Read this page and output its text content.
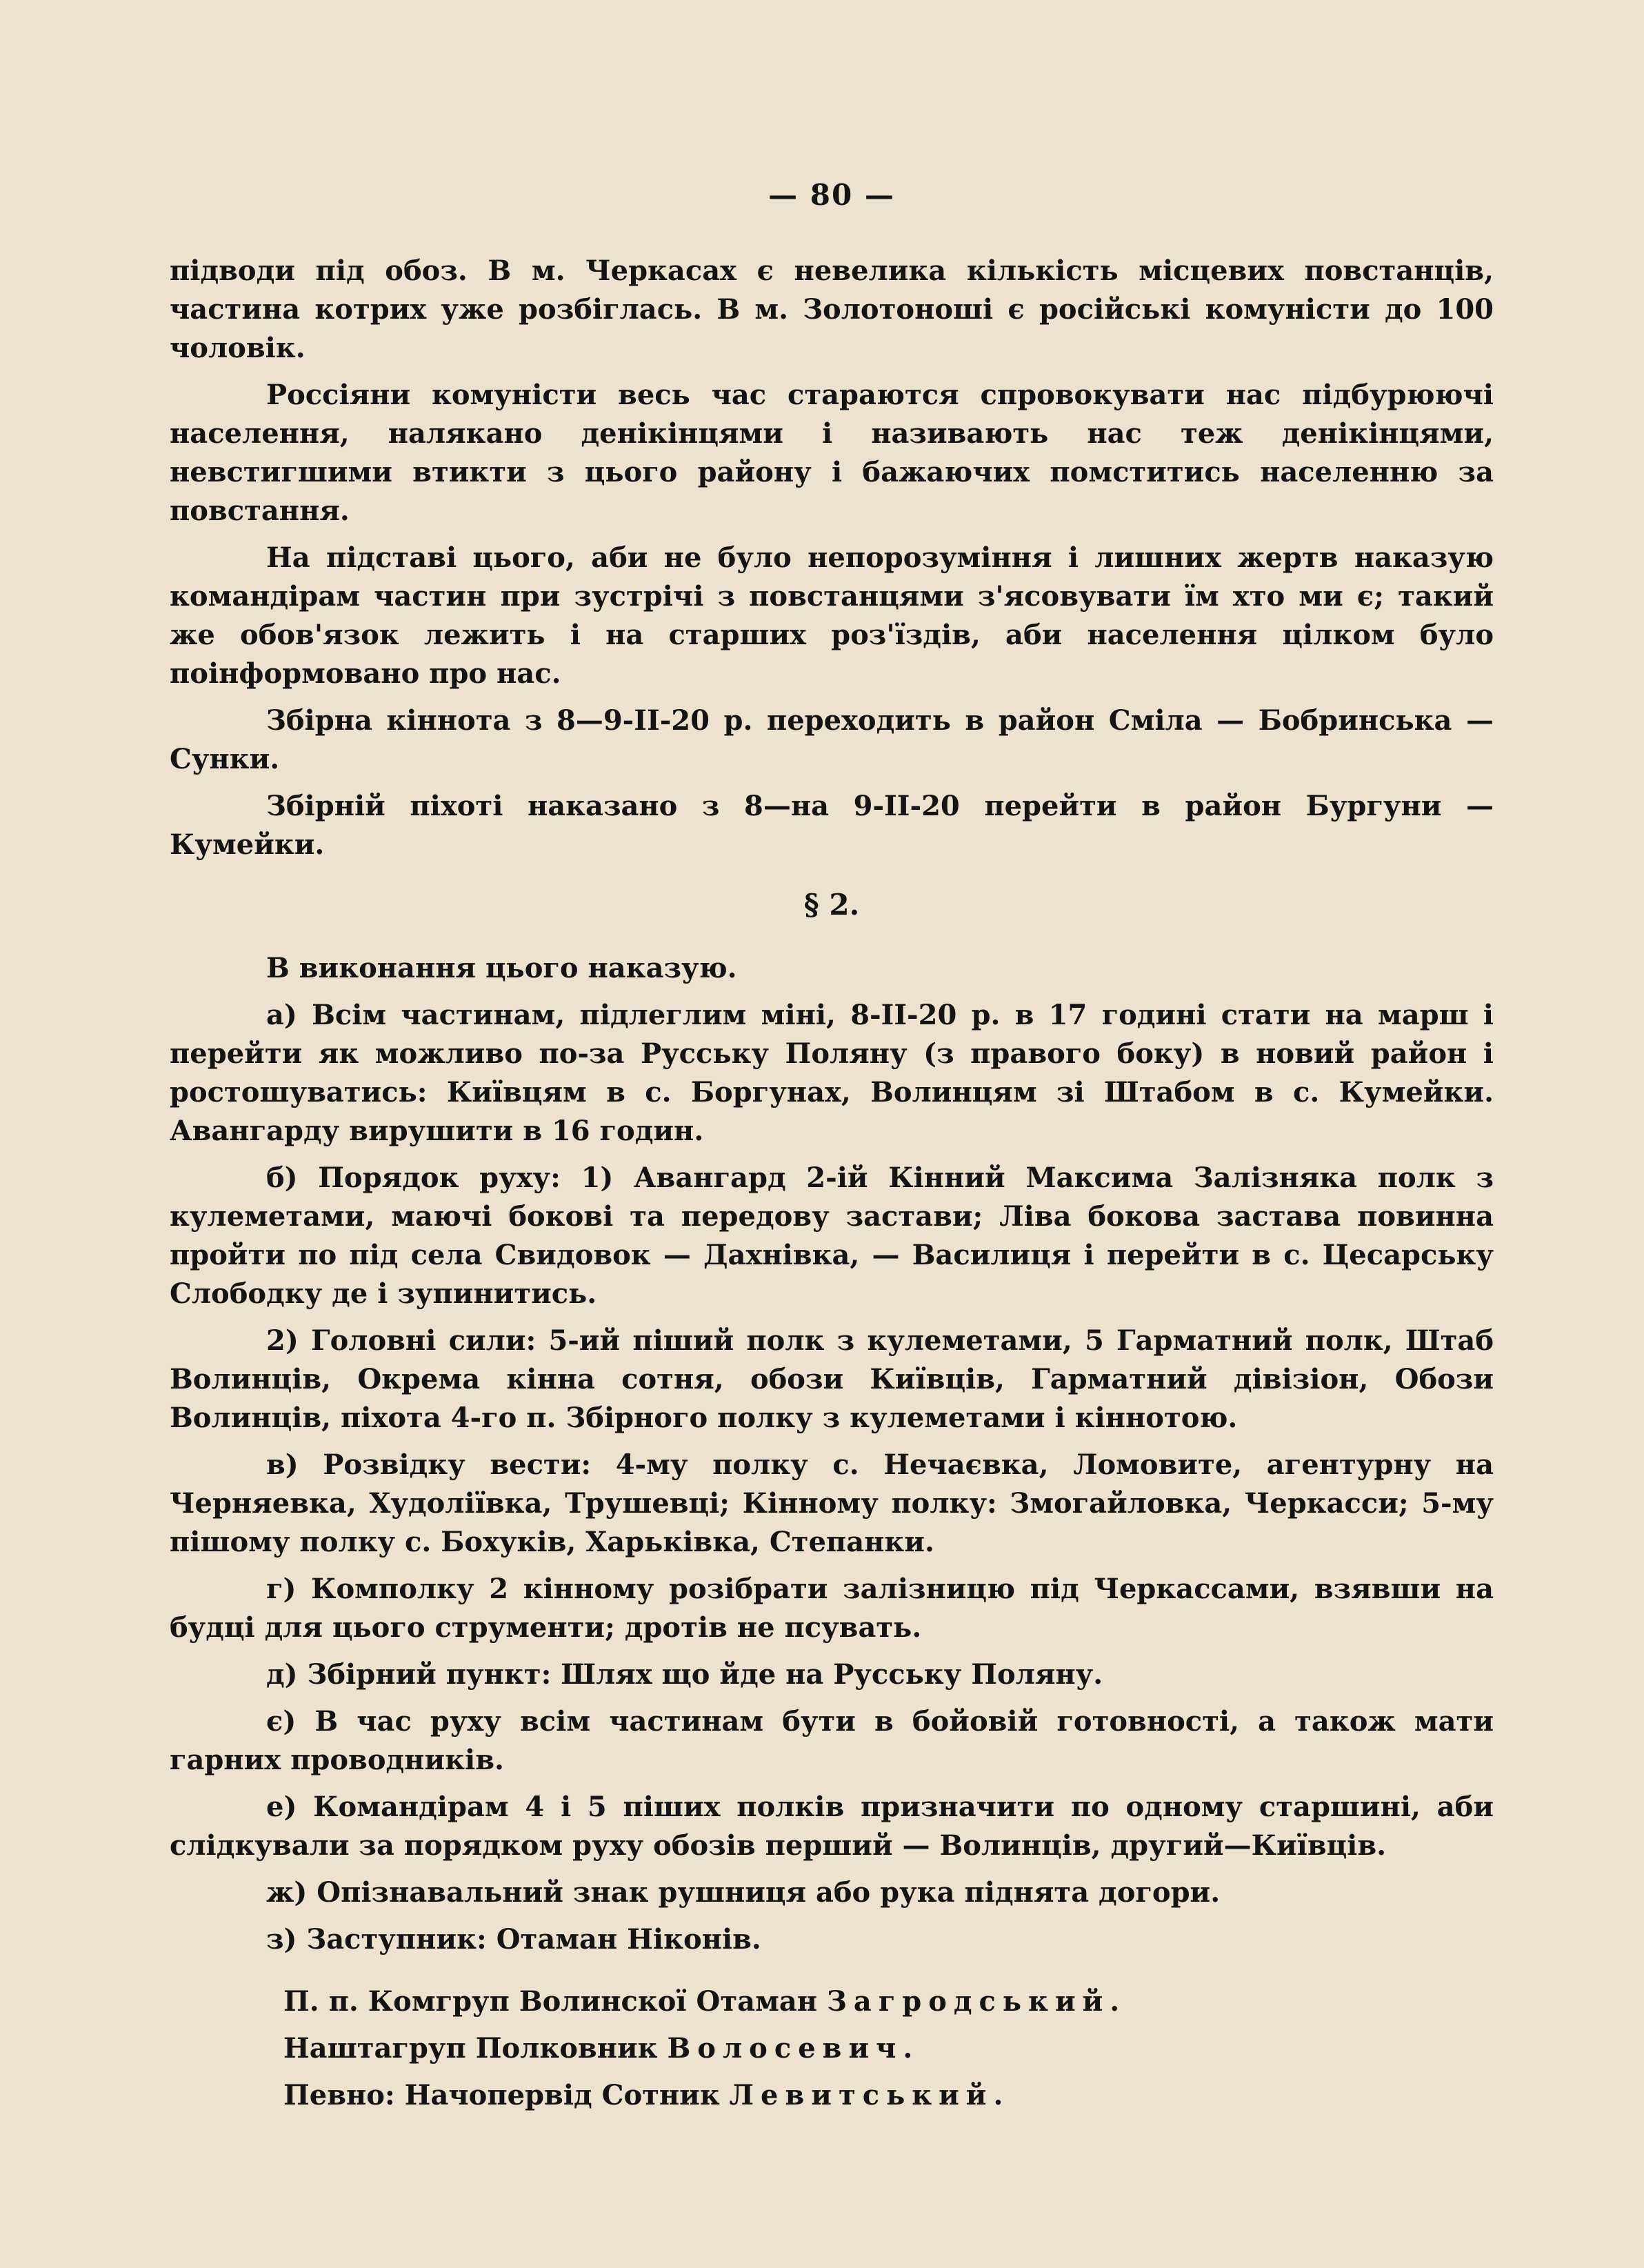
— 80 —

підводи під обоз. В м. Черкасах є невелика кількість місцевих повстанців, частина котрих уже розбіглась. В м. Золотоноші є російські комуністи до 100 чоловік.

Россіяни комуністи весь час стараются спровокувати нас підбурюючі населення, налякано денікінцями і називають нас теж денікінцями, невстигшими втикти з цього району і бажаючих помститись населенню за повстання.

На підставі цього, аби не було непорозуміння і лишних жертв наказую командірам частин при зустрічі з повстанцями з'ясовувати їм хто ми є; такий же обов'язок лежить і на старших роз'їздів, аби населення цілком було поінформовано про нас.

Збірна кіннота з 8—9-II-20 р. переходить в район Сміла — Бобринська — Сунки.

Збірній піхоті наказано з 8—на 9-II-20 перейти в район Бургуни — Кумейки.

§ 2.

В виконання цього наказую.

а) Всім частинам, підлеглим міні, 8-II-20 р. в 17 годині стати на марш і перейти як можливо по-за Русську Поляну (з правого боку) в новий район і ростошуватись: Київцям в с. Боргунах, Волинцям зі Штабом в с. Кумейки. Авангарду вирушити в 16 годин.

б) Порядок руху: 1) Авангард 2-ій Кінний Максима Залізняка полк з кулеметами, маючі бокові та передову застави; Ліва бокова застава повинна пройти по під села Свидовок — Дахнівка, — Василиця і перейти в с. Цесарську Слободку де і зупинитись.

2) Головні сили: 5-ий піший полк з кулеметами, 5 Гарматний полк, Штаб Волинців, Окрема кінна сотня, обози Київців, Гарматний дівізіон, Обози Волинців, піхота 4-го п. Збірного полку з кулеметами і кіннотою.

в) Розвідку вести: 4-му полку с. Нечаєвка, Ломовите, агентурну на Черняевка, Худоліївка, Трушевці; Кінному полку: Змогайловка, Черкасси; 5-му пішому полку с. Бохуків, Харьківка, Степанки.

г) Комполку 2 кінному розібрати залізницю під Черкассами, взявши на будці для цього струменти; дротів не псувать.

д) Збірний пункт: Шлях що йде на Русську Поляну.

є) В час руху всім частинам бути в бойовій готовності, а також мати гарних проводників.

е) Командірам 4 і 5 піших полків призначити по одному старшині, аби слідкували за порядком руху обозів перший — Волинців, другий—Київців.

ж) Опізнавальний знак рушниця або рука піднята догори.

з) Заступник: Отаман Ніконів.

П. п. Комгруп Волинскої Отаман Загродський.
Наштагруп Полковник Волосевич.
Певно: Начопервід Сотник Левитський.
